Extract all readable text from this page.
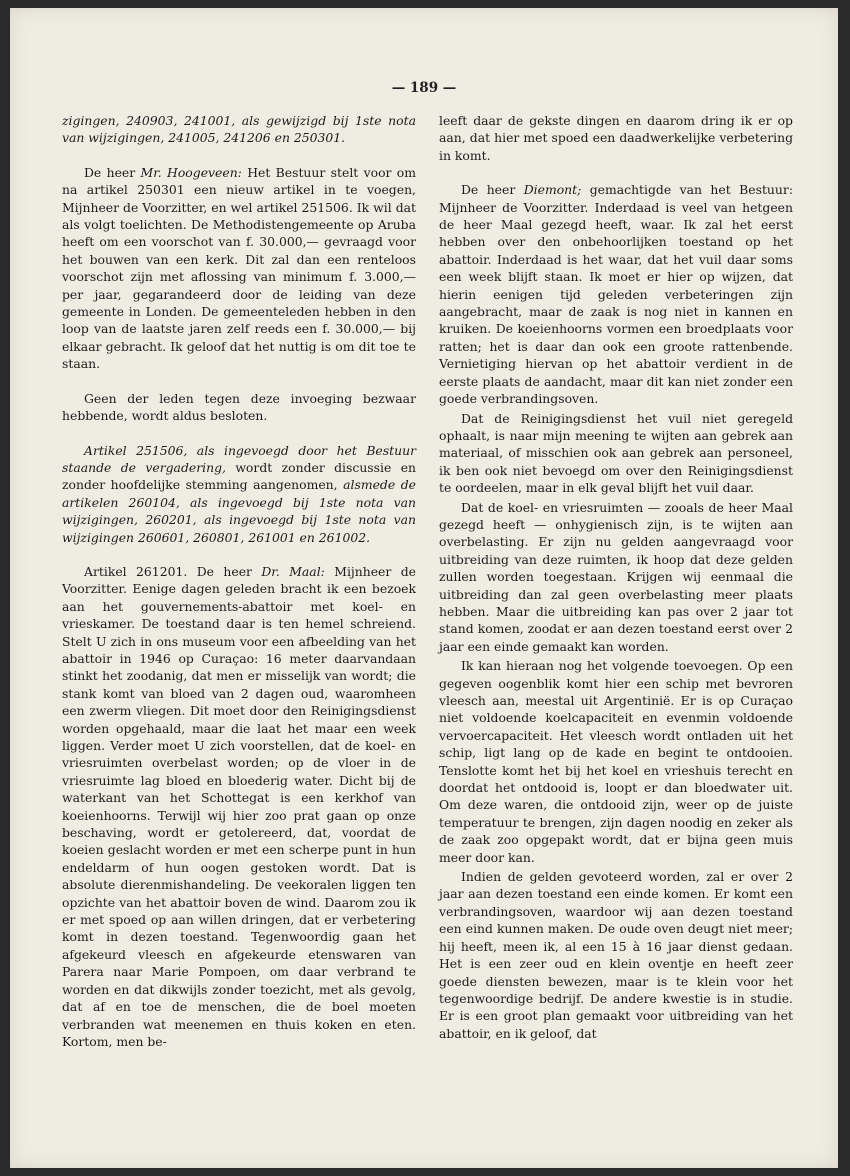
— 189 —

zigingen, 240903, 241001, als gewijzigd bij 1ste nota van wijzigingen, 241005, 241206 en 250301.

De heer Mr. Hoogeveen: Het Bestuur stelt voor om na artikel 250301 een nieuw artikel in te voegen, Mijnheer de Voorzitter, en wel artikel 251506. Ik wil dat als volgt toelichten. De Methodistengemeente op Aruba heeft om een voorschot van f. 30.000,— gevraagd voor het bouwen van een kerk. Dit zal dan een renteloos voorschot zijn met aflossing van minimum f. 3.000,— per jaar, gegarandeerd door de leiding van deze gemeente in Londen. De gemeenteleden hebben in den loop van de laatste jaren zelf reeds een f. 30.000,— bij elkaar gebracht. Ik geloof dat het nuttig is om dit toe te staan.

Geen der leden tegen deze invoeging bezwaar hebbende, wordt aldus besloten.

Artikel 251506, als ingevoegd door het Bestuur staande de vergadering, wordt zonder discussie en zonder hoofdelijke stemming aangenomen, alsmede de artikelen 260104, als ingevoegd bij 1ste nota van wijzigingen, 260201, als ingevoegd bij 1ste nota van wijzigingen 260601, 260801, 261001 en 261002.

Artikel 261201. De heer Dr. Maal: Mijnheer de Voorzitter. Eenige dagen geleden bracht ik een bezoek aan het gouvernements-abattoir met koel- en vrieskamer. De toestand daar is ten hemel schreiend. Stelt U zich in ons museum voor een afbeelding van het abattoir in 1946 op Curaçao: 16 meter daarvandaan stinkt het zoodanig, dat men er misselijk van wordt; die stank komt van bloed van 2 dagen oud, waaromheen een zwerm vliegen. Dit moet door den Reinigingsdienst worden opgehaald, maar die laat het maar een week liggen. Verder moet U zich voorstellen, dat de koel- en vriesruimten overbelast worden; op de vloer in de vriesruimte lag bloed en bloederig water. Dicht bij de waterkant van het Schottegat is een kerkhof van koeienhoorns. Terwijl wij hier zoo prat gaan op onze beschaving, wordt er getolereerd, dat, voordat de koeien geslacht worden er met een scherpe punt in hun endeldarm of hun oogen gestoken wordt. Dat is absolute dierenmishandeling. De veekoralen liggen ten opzichte van het abattoir boven de wind. Daarom zou ik er met spoed op aan willen dringen, dat er verbetering komt in dezen toestand. Tegenwoordig gaan het afgekeurd vleesch en afgekeurde etenswaren van Parera naar Marie Pompoen, om daar verbrand te worden en dat dikwijls zonder toezicht, met als gevolg, dat af en toe de menschen, die de boel moeten verbranden wat meenemen en thuis koken en eten. Kortom, men be-

leeft daar de gekste dingen en daarom dring ik er op aan, dat hier met spoed een daadwerkelijke verbetering in komt.

De heer Diemont; gemachtigde van het Bestuur: Mijnheer de Voorzitter. Inderdaad is veel van hetgeen de heer Maal gezegd heeft, waar. Ik zal het eerst hebben over den onbehoorlijken toestand op het abattoir. Inderdaad is het waar, dat het vuil daar soms een week blijft staan. Ik moet er hier op wijzen, dat hierin eenigen tijd geleden verbeteringen zijn aangebracht, maar de zaak is nog niet in kannen en kruiken. De koeienhoorns vormen een broedplaats voor ratten; het is daar dan ook een groote rattenbende. Vernietiging hiervan op het abattoir verdient in de eerste plaats de aandacht, maar dit kan niet zonder een goede verbrandingsoven.

Dat de Reinigingsdienst het vuil niet geregeld ophaalt, is naar mijn meening te wijten aan gebrek aan materiaal, of misschien ook aan gebrek aan personeel, ik ben ook niet bevoegd om over den Reinigingsdienst te oordeelen, maar in elk geval blijft het vuil daar.

Dat de koel- en vriesruimten — zooals de heer Maal gezegd heeft — onhygienisch zijn, is te wijten aan overbelasting. Er zijn nu gelden aangevraagd voor uitbreiding van deze ruimten, ik hoop dat deze gelden zullen worden toegestaan. Krijgen wij eenmaal die uitbreiding dan zal geen overbelasting meer plaats hebben. Maar die uitbreiding kan pas over 2 jaar tot stand komen, zoodat er aan dezen toestand eerst over 2 jaar een einde gemaakt kan worden.

Ik kan hieraan nog het volgende toevoegen. Op een gegeven oogenblik komt hier een schip met bevroren vleesch aan, meestal uit Argentinië. Er is op Curaçao niet voldoende koelcapaciteit en evenmin voldoende vervoercapaciteit. Het vleesch wordt ontladen uit het schip, ligt lang op de kade en begint te ontdooien. Tenslotte komt het bij het koel en vrieshuis terecht en doordat het ontdooid is, loopt er dan bloedwater uit. Om deze waren, die ontdooid zijn, weer op de juiste temperatuur te brengen, zijn dagen noodig en zeker als de zaak zoo opgepakt wordt, dat er bijna geen muis meer door kan.

Indien de gelden gevoteerd worden, zal er over 2 jaar aan dezen toestand een einde komen. Er komt een verbrandingsoven, waardoor wij aan dezen toestand een eind kunnen maken. De oude oven deugt niet meer; hij heeft, meen ik, al een 15 à 16 jaar dienst gedaan. Het is een zeer oud en klein oventje en heeft zeer goede diensten bewezen, maar is te klein voor het tegenwoordige bedrijf. De andere kwestie is in studie. Er is een groot plan gemaakt voor uitbreiding van het abattoir, en ik geloof, dat
